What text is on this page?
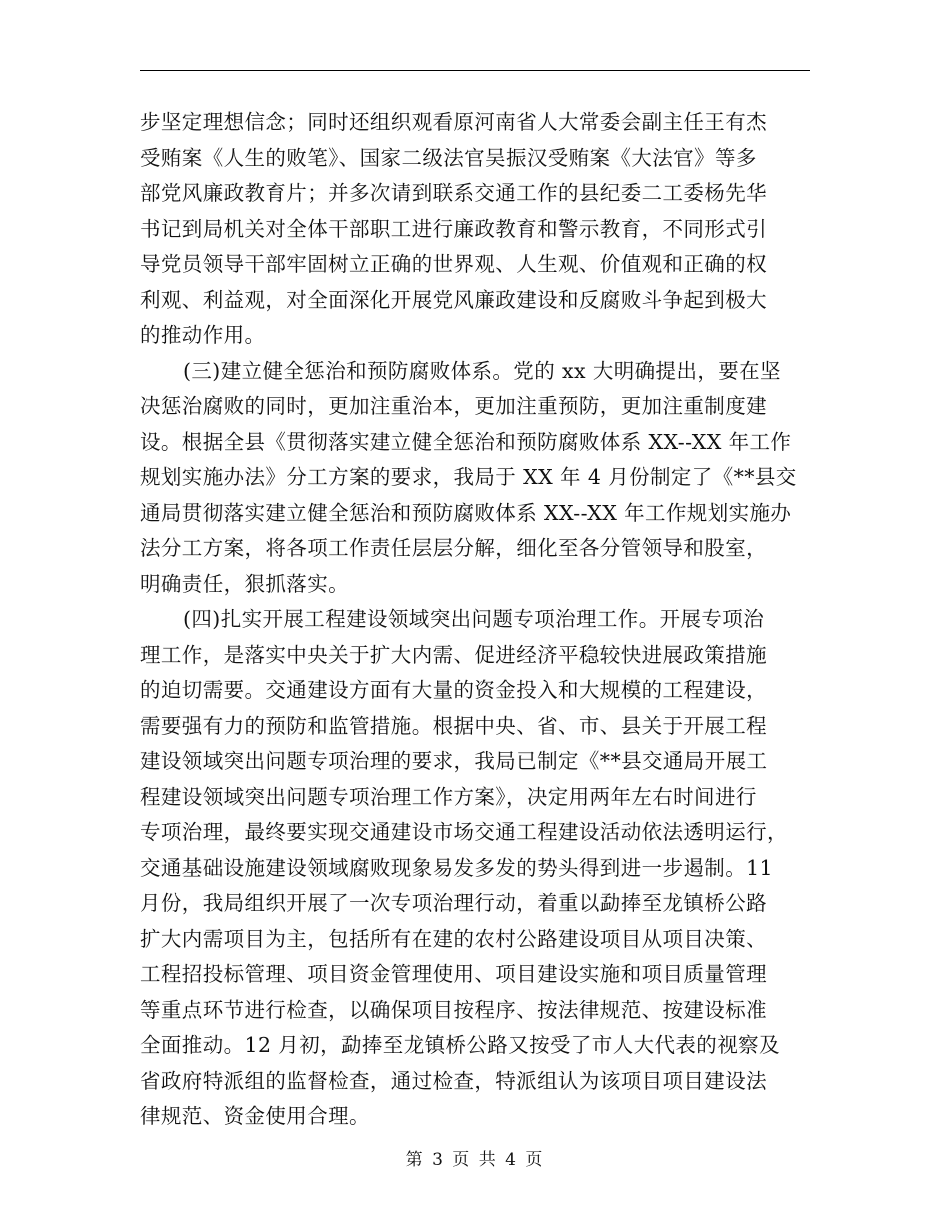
步坚定理想信念；同时还组织观看原河南省人大常委会副主任王有杰
受贿案《人生的败笔》、国家二级法官吴振汉受贿案《大法官》等多
部党风廉政教育片；并多次请到联系交通工作的县纪委二工委杨先华
书记到局机关对全体干部职工进行廉政教育和警示教育，不同形式引
导党员领导干部牢固树立正确的世界观、人生观、价值观和正确的权
利观、利益观，对全面深化开展党风廉政建设和反腐败斗争起到极大
的推动作用。
(三)建立健全惩治和预防腐败体系。党的 xx 大明确提出，要在坚
决惩治腐败的同时，更加注重治本，更加注重预防，更加注重制度建
设。根据全县《贯彻落实建立健全惩治和预防腐败体系 XX--XX 年工作
规划实施办法》分工方案的要求，我局于 XX 年 4 月份制定了《**县交
通局贯彻落实建立健全惩治和预防腐败体系 XX--XX 年工作规划实施办
法分工方案，将各项工作责任层层分解，细化至各分管领导和股室，
明确责任，狠抓落实。
(四)扎实开展工程建设领域突出问题专项治理工作。开展专项治
理工作，是落实中央关于扩大内需、促进经济平稳较快进展政策措施
的迫切需要。交通建设方面有大量的资金投入和大规模的工程建设，
需要强有力的预防和监管措施。根据中央、省、市、县关于开展工程
建设领域突出问题专项治理的要求，我局已制定《**县交通局开展工
程建设领域突出问题专项治理工作方案》，决定用两年左右时间进行
专项治理，最终要实现交通建设市场交通工程建设活动依法透明运行，
交通基础设施建设领域腐败现象易发多发的势头得到进一步遏制。11
月份，我局组织开展了一次专项治理行动，着重以勐捧至龙镇桥公路
扩大内需项目为主，包括所有在建的农村公路建设项目从项目决策、
工程招投标管理、项目资金管理使用、项目建设实施和项目质量管理
等重点环节进行检查，以确保项目按程序、按法律规范、按建设标准
全面推动。12 月初，勐捧至龙镇桥公路又按受了市人大代表的视察及
省政府特派组的监督检查，通过检查，特派组认为该项目项目建设法
律规范、资金使用合理。
第 3 页 共 4 页
